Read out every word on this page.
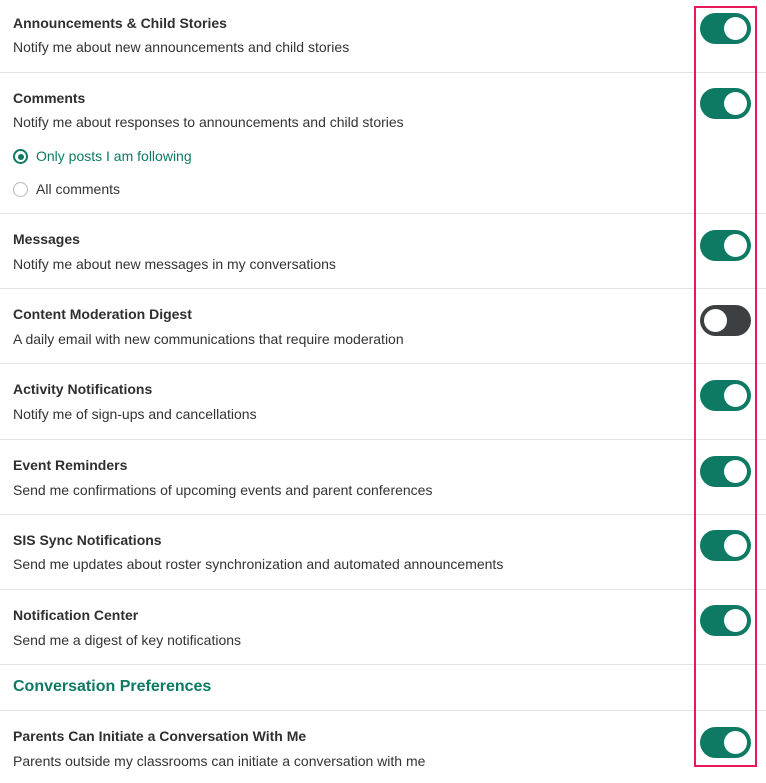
Announcements & Child Stories
Notify me about new announcements and child stories
Comments
Notify me about responses to announcements and child stories
Only posts I am following
All comments
Messages
Notify me about new messages in my conversations
Content Moderation Digest
A daily email with new communications that require moderation
Activity Notifications
Notify me of sign-ups and cancellations
Event Reminders
Send me confirmations of upcoming events and parent conferences
SIS Sync Notifications
Send me updates about roster synchronization and automated announcements
Notification Center
Send me a digest of key notifications
Conversation Preferences
Parents Can Initiate a Conversation With Me
Parents outside my classrooms can initiate a conversation with me
